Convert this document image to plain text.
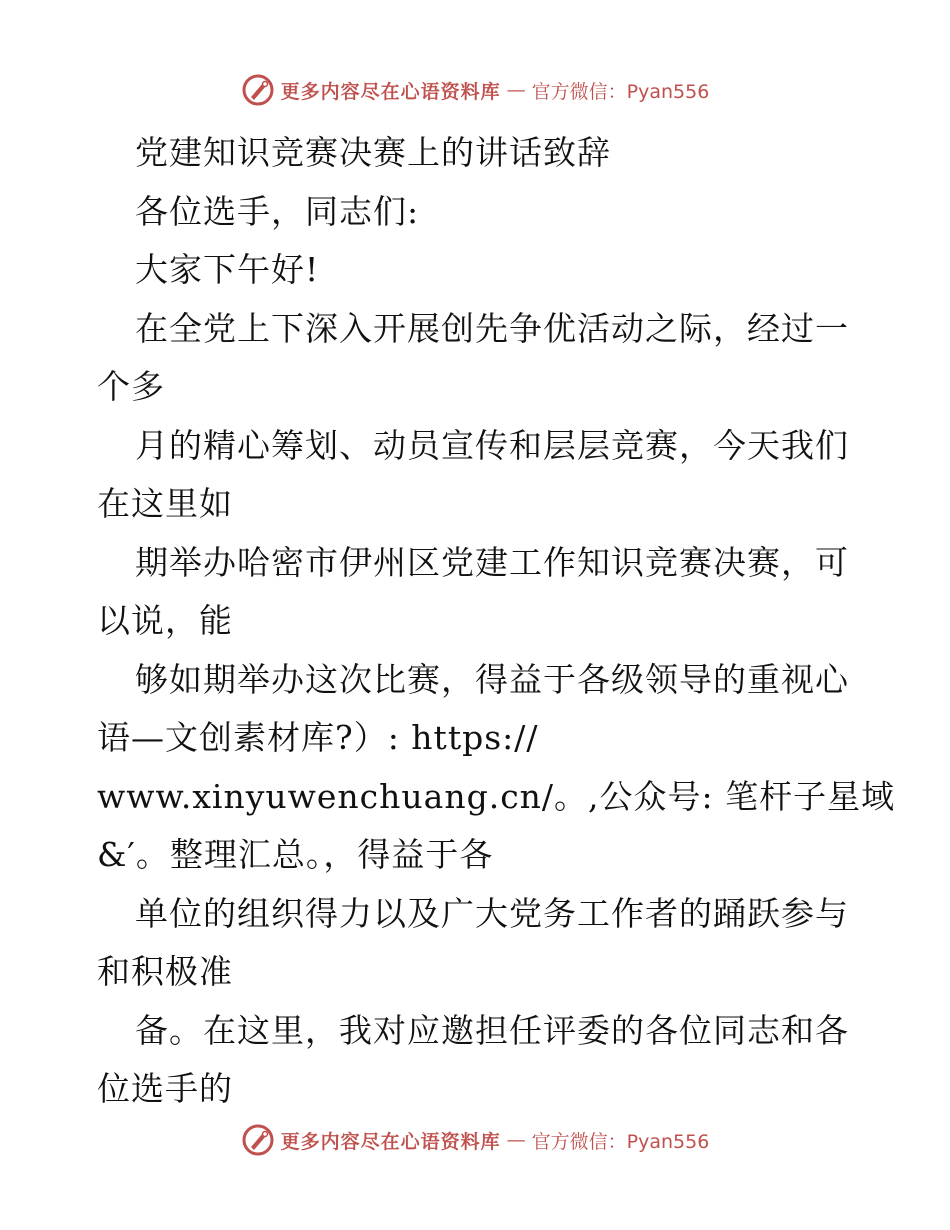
更多内容尽在心语资料库 — 官方微信：Pyan556
党建知识竞赛决赛上的讲话致辞
各位选手，同志们:
大家下午好!
在全党上下深入开展创先争优活动之际，经过一
个多
月的精心筹划、动员宣传和层层竞赛，今天我们
在这里如
期举办哈密市伊州区党建工作知识竞赛决赛，可
以说，能
够如期举办这次比赛，得益于各级领导的重视心
语—文创素材库?）: https://
www.xinyuwenchuang.cn/。,公众号: 笔杆子星域
&′。整理汇总。，得益于各
单位的组织得力以及广大党务工作者的踊跃参与
和积极准
备。在这里，我对应邀担任评委的各位同志和各
位选手的
更多内容尽在心语资料库 — 官方微信：Pyan556
